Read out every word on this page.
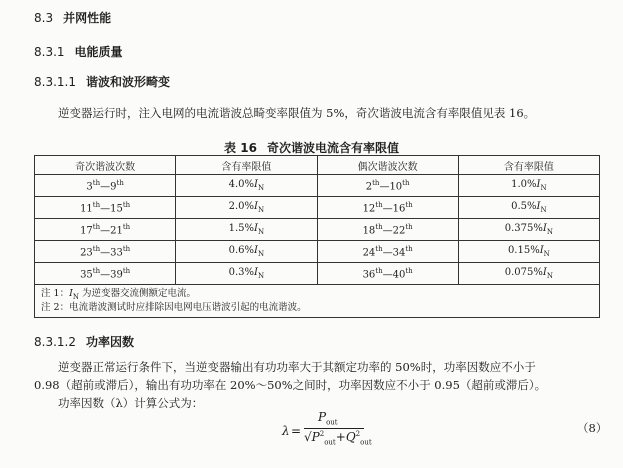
8.3 并网性能
8.3.1 电能质量
8.3.1.1 谐波和波形畸变
逆变器运行时，注入电网的电流谐波总畸变率限值为 5%，奇次谐波电流含有率限值见表 16。
表 16 奇次谐波电流含有率限值
奇次谐波次数	含有率限值	偶次谐波次数	含有率限值
3th—9th	$4.0\%I_N$	2th—10th	$1.0\%I_N$
11th—15th	$2.0\%I_N$	12th—16th	$0.5\%I_N$
17th—21th	$1.5\%I_N$	18th—22th	$0.375\%I_N$
23th—33th	$0.6\%I_N$	24th—34th	$0.15\%I_N$
35th—39th	$0.3\%I_N$	36th—40th	$0.075\%I_N$

注 1：$I_N$ 为逆变器交流侧额定电流。
注 2：电流谐波测试时应排除因电网电压谐波引起的电流谐波。			
8.3.1.2 功率因数
逆变器正常运行条件下，当逆变器输出有功功率大于其额定功率的 50%时，功率因数应不小于
0.98（超前或滞后），输出有功功率在 20%～50%之间时，功率因数应不小于 0.95（超前或滞后）。
功率因数（λ）计算公式为：
λ =
$P_{out}$
$√P^2_{out}+Q^2_{out}$
（8）
